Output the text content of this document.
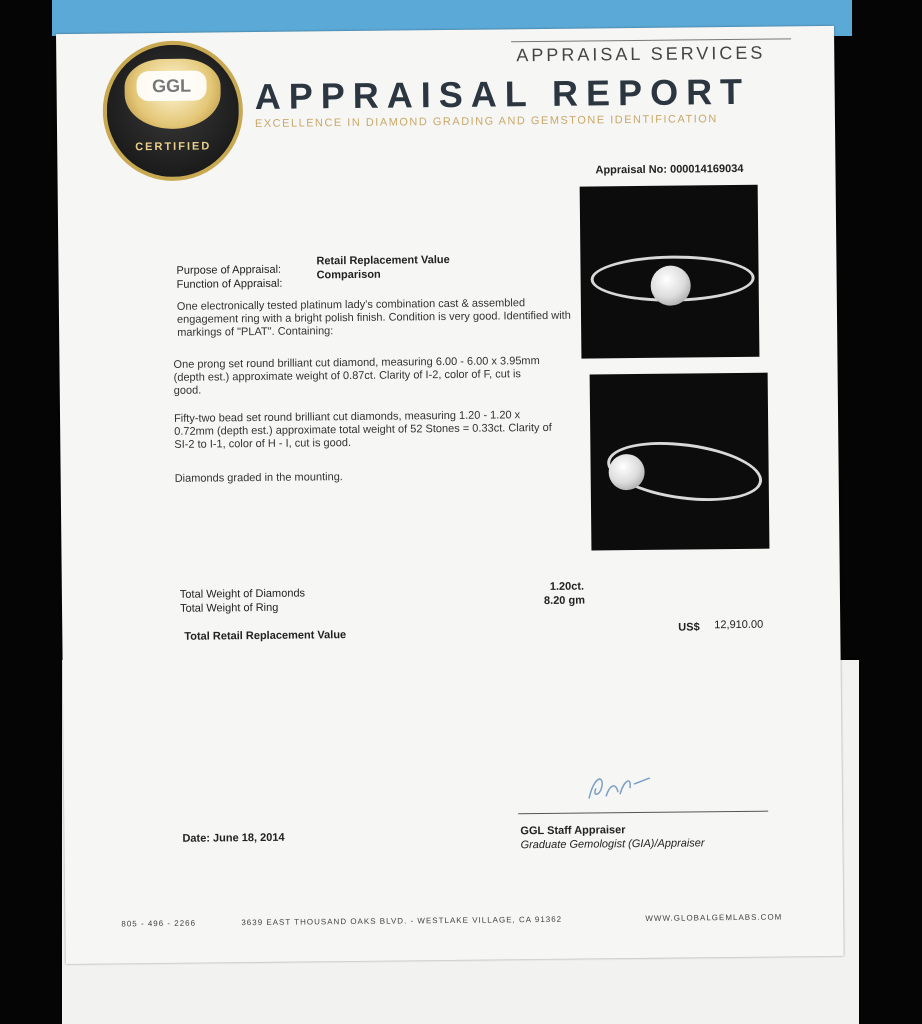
GGL
CERTIFIED
APPRAISAL SERVICES
APPRAISAL REPORT
EXCELLENCE IN DIAMOND GRADING AND GEMSTONE IDENTIFICATION
Appraisal No: 000014169034
Purpose of Appraisal:
Retail Replacement Value
Function of Appraisal:
Comparison
One electronically tested platinum lady's combination cast & assembled engagement ring with a bright polish finish. Condition is very good. Identified with markings of "PLAT". Containing:
One prong set round brilliant cut diamond, measuring 6.00 - 6.00 x 3.95mm (depth est.) approximate weight of 0.87ct. Clarity of I-2, color of F, cut is good.
Fifty-two bead set round brilliant cut diamonds, measuring 1.20 - 1.20 x 0.72mm (depth est.) approximate total weight of 52 Stones = 0.33ct. Clarity of SI-2 to I-1, color of H - I, cut is good.
Diamonds graded in the mounting.
Total Weight of Diamonds
1.20ct.
Total Weight of Ring
8.20 gm
Total Retail Replacement Value
US$ 12,910.00
Date: June 18, 2014
GGL Staff Appraiser
Graduate Gemologist (GIA)/Appraiser
805 - 496 - 2266	3639 EAST THOUSAND OAKS BLVD. - WESTLAKE VILLAGE, CA 91362	WWW.GLOBALGEMLABS.COM
